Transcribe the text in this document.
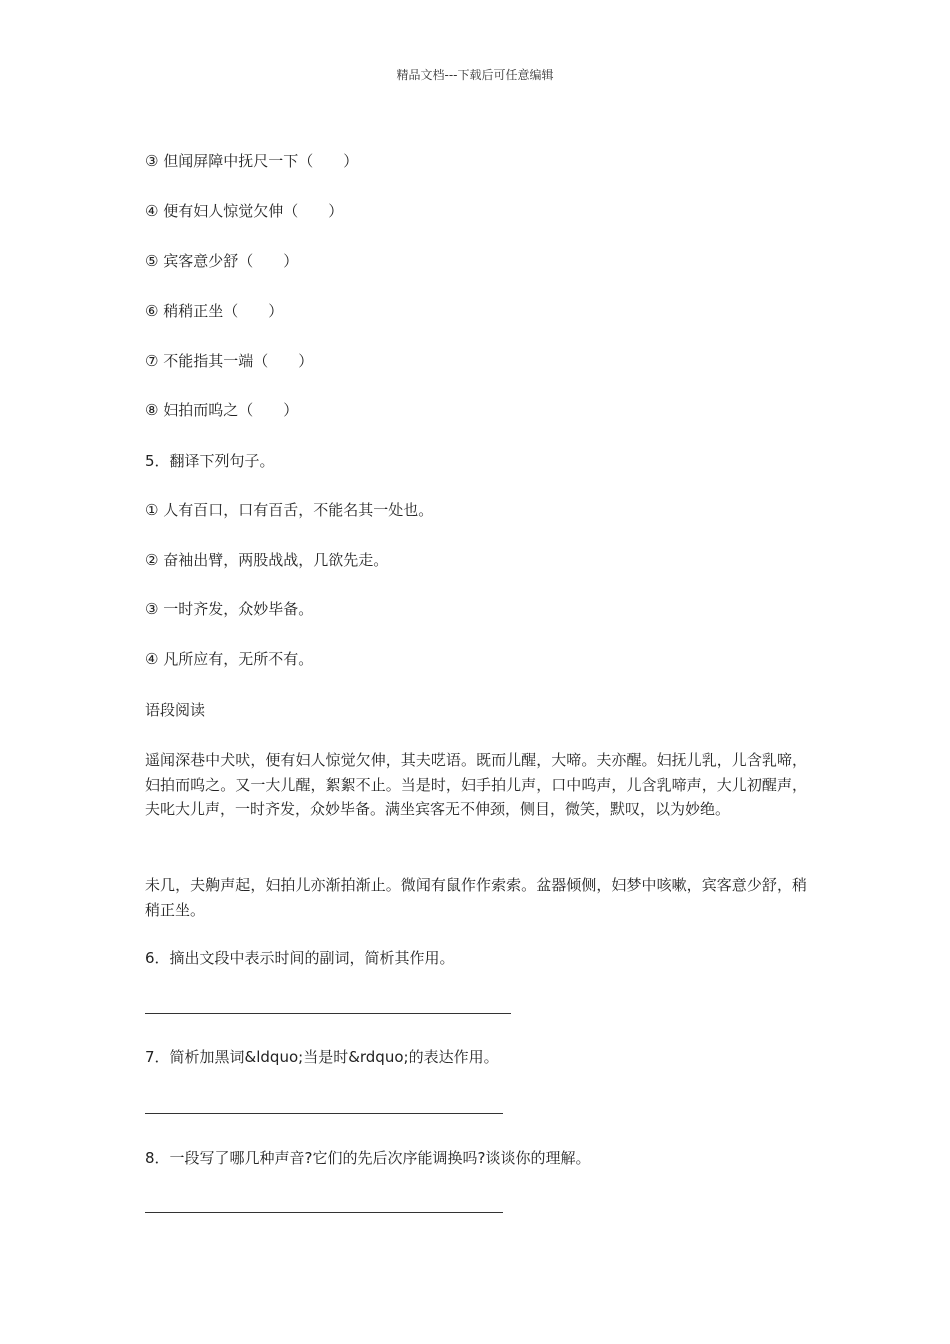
精品文档---下载后可任意编辑
③ 但闻屏障中抚尺一下（　　）
④ 便有妇人惊觉欠伸（　　）
⑤ 宾客意少舒（　　）
⑥ 稍稍正坐（　　）
⑦ 不能指其一端（　　）
⑧ 妇拍而呜之（　　）
5．翻译下列句子。
① 人有百口，口有百舌，不能名其一处也。
② 奋袖出臂，两股战战，几欲先走。
③ 一时齐发，众妙毕备。
④ 凡所应有，无所不有。
语段阅读
遥闻深巷中犬吠，便有妇人惊觉欠伸，其夫呓语。既而儿醒，大啼。夫亦醒。妇抚儿乳，儿含乳啼，妇拍而呜之。又一大儿醒，絮絮不止。当是时，妇手拍儿声，口中呜声，儿含乳啼声，大儿初醒声，夫叱大儿声，一时齐发，众妙毕备。满坐宾客无不伸颈，侧目，微笑，默叹，以为妙绝。
未几，夫齁声起，妇拍儿亦渐拍渐止。微闻有鼠作作索索。盆器倾侧，妇梦中咳嗽，宾客意少舒，稍稍正坐。
6．摘出文段中表示时间的副词，简析其作用。
7．简析加黑词&ldquo;当是时&rdquo;的表达作用。
8．一段写了哪几种声音?它们的先后次序能调换吗?谈谈你的理解。
